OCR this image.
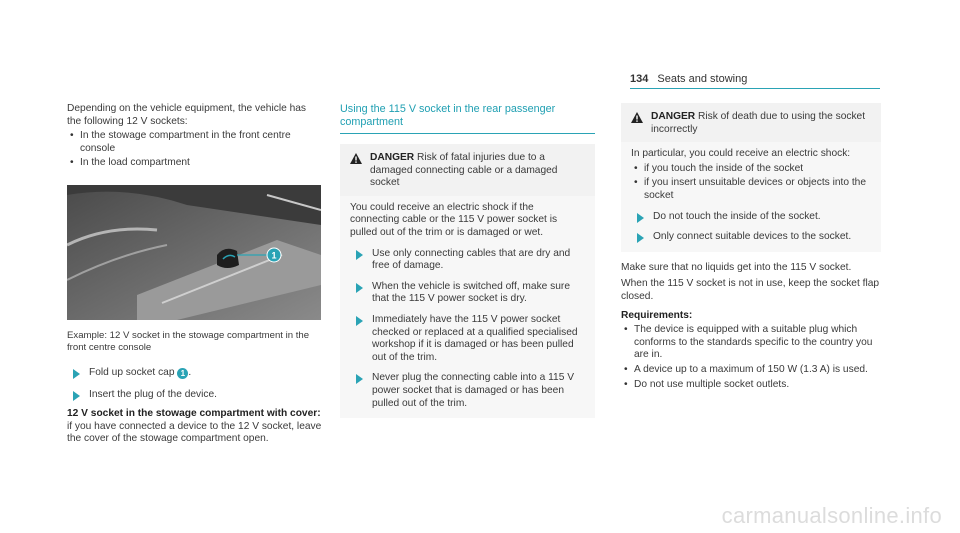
134 Seats and stowing

Depending on the vehicle equipment, the vehicle has the following 12 V sockets:

• In the stowage compartment in the front centre console
• In the load compartment
1
Example: 12 V socket in the stowage compartment in the front centre console
Fold up socket cap 1 .
Insert the plug of the device.

12 V socket in the stowage compartment with cover: if you have connected a device to the 12 V socket, leave the cover of the stowage compartment open.

Using the 115 V socket in the rear passenger compartment
DANGER Risk of fatal injuries due to a damaged connecting cable or a damaged socket

You could receive an electric shock if the connecting cable or the 115 V power socket is pulled out of the trim or is damaged or wet.

Use only connecting cables that are dry and free of damage.
When the vehicle is switched off, make sure that the 115 V power socket is dry.
Immediately have the 115 V power socket checked or replaced at a qualified specialised workshop if it is damaged or has been pulled out of the trim.
Never plug the connecting cable into a 115 V power socket that is damaged or has been pulled out of the trim.
DANGER Risk of death due to using the socket incorrectly

In particular, you could receive an electric shock:

• if you touch the inside of the socket
• if you insert unsuitable devices or objects into the socket
Do not touch the inside of the socket.
Only connect suitable devices to the socket.

Make sure that no liquids get into the 115 V socket.

When the 115 V socket is not in use, keep the socket flap closed.

Requirements:

• The device is equipped with a suitable plug which conforms to the standards specific to the country you are in.
• A device up to a maximum of 150 W (1.3 A) is used.
• Do not use multiple socket outlets.
carmanualsonline.info
